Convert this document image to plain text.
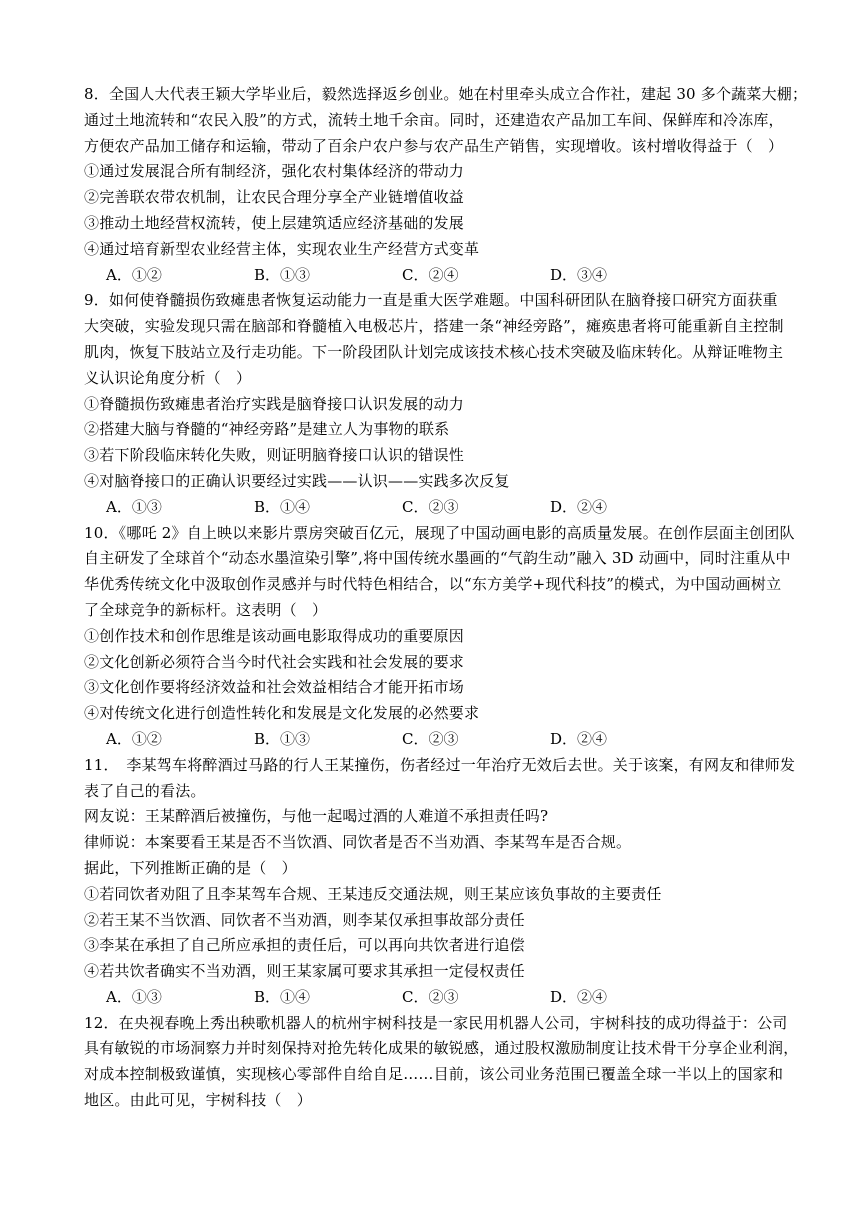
8．全国人大代表王颖大学毕业后，毅然选择返乡创业。她在村里牵头成立合作社，建起 30 多个蔬菜大棚；
通过土地流转和“农民入股”的方式，流转土地千余亩。同时，还建造农产品加工车间、保鲜库和冷冻库，
方便农产品加工储存和运输，带动了百余户农户参与农产品生产销售，实现增收。该村增收得益于（　）
①通过发展混合所有制经济，强化农村集体经济的带动力
②完善联农带农机制，让农民合理分享全产业链增值收益
③推动土地经营权流转，使上层建筑适应经济基础的发展
④通过培育新型农业经营主体，实现农业生产经营方式变革
A．①②	B．①③	C．②④	D．③④
9．如何使脊髓损伤致瘫患者恢复运动能力一直是重大医学难题。中国科研团队在脑脊接口研究方面获重
大突破，实验发现只需在脑部和脊髓植入电极芯片，搭建一条“神经旁路”，瘫痪患者将可能重新自主控制
肌肉，恢复下肢站立及行走功能。下一阶段团队计划完成该技术核心技术突破及临床转化。从辩证唯物主
义认识论角度分析（　）
①脊髓损伤致瘫患者治疗实践是脑脊接口认识发展的动力
②搭建大脑与脊髓的“神经旁路”是建立人为事物的联系
③若下阶段临床转化失败，则证明脑脊接口认识的错误性
④对脑脊接口的正确认识要经过实践——认识——实践多次反复
A．①③	B．①④	C．②③	D．②④
10．《哪吒 2》自上映以来影片票房突破百亿元，展现了中国动画电影的高质量发展。在创作层面主创团队
自主研发了全球首个“动态水墨渲染引擎”,将中国传统水墨画的“气韵生动”融入 3D 动画中，同时注重从中
华优秀传统文化中汲取创作灵感并与时代特色相结合，以“东方美学+现代科技”的模式，为中国动画树立
了全球竞争的新标杆。这表明（　）
①创作技术和创作思维是该动画电影取得成功的重要原因
②文化创新必须符合当今时代社会实践和社会发展的要求
③文化创作要将经济效益和社会效益相结合才能开拓市场
④对传统文化进行创造性转化和发展是文化发展的必然要求
A．①②	B．①③	C．②③	D．②④
11．　李某驾车将醉酒过马路的行人王某撞伤，伤者经过一年治疗无效后去世。关于该案，有网友和律师发
表了自己的看法。
网友说：王某醉酒后被撞伤，与他一起喝过酒的人难道不承担责任吗?
律师说：本案要看王某是否不当饮酒、同饮者是否不当劝酒、李某驾车是否合规。
据此，下列推断正确的是（　）
①若同饮者劝阻了且李某驾车合规、王某违反交通法规，则王某应该负事故的主要责任
②若王某不当饮酒、同饮者不当劝酒，则李某仅承担事故部分责任
③李某在承担了自己所应承担的责任后，可以再向共饮者进行追偿
④若共饮者确实不当劝酒，则王某家属可要求其承担一定侵权责任
A．①③	B．①④	C．②③	D．②④
12．在央视春晚上秀出秧歌机器人的杭州宇树科技是一家民用机器人公司，宇树科技的成功得益于：公司
具有敏锐的市场洞察力并时刻保持对抢先转化成果的敏锐感，通过股权激励制度让技术骨干分享企业利润，
对成本控制极致谨慎，实现核心零部件自给自足……目前，该公司业务范围已覆盖全球一半以上的国家和
地区。由此可见，宇树科技（　）
